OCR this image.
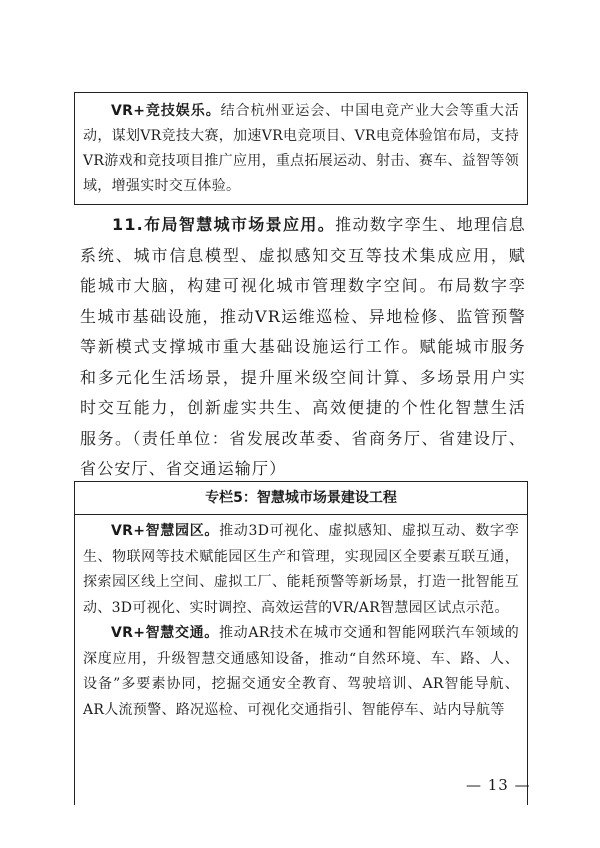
VR+竞技娱乐。结合杭州亚运会、中国电竞产业大会等重大活动，谋划VR竞技大赛，加速VR电竞项目、VR电竞体验馆布局，支持VR游戏和竞技项目推广应用，重点拓展运动、射击、赛车、益智等领域，增强实时交互体验。

11.布局智慧城市场景应用。推动数字孪生、地理信息系统、城市信息模型、虚拟感知交互等技术集成应用，赋能城市大脑，构建可视化城市管理数字空间。布局数字孪生城市基础设施，推动VR运维巡检、异地检修、监管预警等新模式支撑城市重大基础设施运行工作。赋能城市服务和多元化生活场景，提升厘米级空间计算、多场景用户实时交互能力，创新虚实共生、高效便捷的个性化智慧生活服务。（责任单位：省发展改革委、省商务厅、省建设厅、省公安厅、省交通运输厅）

专栏5：智慧城市场景建设工程

VR+智慧园区。推动3D可视化、虚拟感知、虚拟互动、数字孪生、物联网等技术赋能园区生产和管理，实现园区全要素互联互通，探索园区线上空间、虚拟工厂、能耗预警等新场景，打造一批智能互动、3D可视化、实时调控、高效运营的VR/AR智慧园区试点示范。

VR+智慧交通。推动AR技术在城市交通和智能网联汽车领域的深度应用，升级智慧交通感知设备，推动“自然环境、车、路、人、设备”多要素协同，挖掘交通安全教育、驾驶培训、AR智能导航、AR人流预警、路况巡检、可视化交通指引、智能停车、站内导航等

— 13 —
